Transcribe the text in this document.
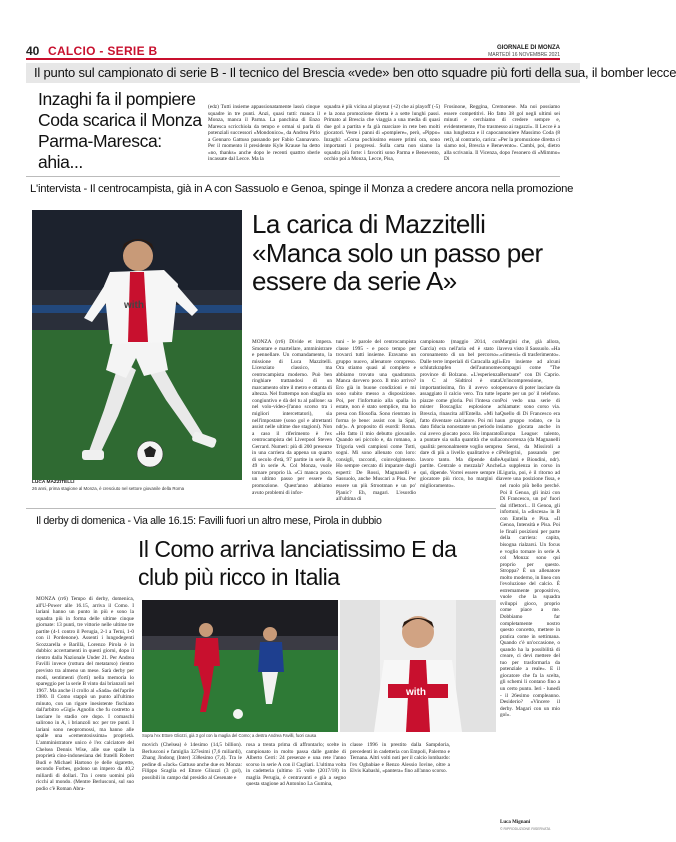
40 CALCIO - SERIE B	GIORNALE DI MONZA
MARTEDÌ 16 NOVEMBRE 2021
Il punto sul campionato di serie B - Il tecnico del Brescia «vede» ben otto squadre più forti della sua, il bomber lecce
Inzaghi fa il pompiere Coda scarica il Monza Parma-Maresca: ahia...
(edz) Tutti insieme appassionatamente lassù cinque squadre in tre punti. Anzi, quasi tutti: manca il Monza, manca il Parma. La panchina di Enzo Maresca scricchiola da tempo e ormai si parla di potenziali successori «Mondonico», da Andrea Pirlo a Gennaro Gattuso passando per Fabio Cannavaro. Per il momento il presidente Kyle Krause ha detto «no, thanks» anche dopo le recenti quattro sberle incassate dal Lecce. Ma la
squadra è più vicina al playout (+2) che ai playoff (-5) e la zona promozione diretta è a sette lunghi passi. Primato al Brescia che viaggia a una media di quasi due gol a partita e fa già marciare in rete ben molti giocatori. Veste i panni di «pompiere», però, «Pippo» Inzaghi: «Corsa pochissimo essere primi ora, sono importanti i progressi. Sulla carta non siamo la squadra più forte: i favoriti sono Parma e Benevento, occhio poi a Monza, Lecce, Pisa,
Frosinone, Reggina, Cremonese. Ma noi possiamo essere competitivi. Ho fatto 38 gol negli ultimi sei minuti e cerchiamo di credere sempre e, evidentemente, l'ho trasmesso ai ragazzi». Il Lecce è a una lunghezza e il capocannoniere Massimo Coda (8 reti), al contrario, carica: «Per la promozione diretta ci siamo noi, Brescia e Benevento». Cambi, poi, dietro alla scrivania. Il Vicenza, dopo l'esonero di «Mimmo» Di
L'intervista - Il centrocampista, già in A con Sassuolo e Genoa, spinge il Monza a credere ancora nella promozione
with
LUCA MAZZITELLI
26 anni, prima stagione al Monza, è cresciuto nel settore giovanile della Roma
La carica di Mazzitelli «Manca solo un passo per essere da serie A»
MONZA (rr6) Divide et impera. Smontare e martellare, amministrare e pennellare. Un comandamento, la missione di Luca Mazzitelli. Licenziato classico, ma centrocampista moderno. Può ben ringhiare trattandosi di un marcamento oltre il metro e ottanta di altezza. Nel frattempo non sbaglia un congiuntivo e dà del tu al pallone: sa nel volo-video-(l'anno scorso tra i migliori intercettatori), sia nell'impostare (sono gol e altrettanti assist nelle ultime due stagioni). Non a caso il riferimento è l'ex centrocampista del Liverpool Steven Gerrard. Numeri: più di 200 presenze in una carriera da appena un quarto di secolo d'età, 97 partite in serie B, 49 in serie A. Col Monza, vuole tornare proprio là. «Ci manca poco, un ultimo passo per essere da promozione. Quest'anno abbiamo avuto problemi di infor-
tuni - le parole del centrocampista classe 1995 - e poco tempo per trovarci tutti insieme. Eravamo un gruppo nuovo, allenatore compreso. Ora stiamo quasi al completo e abbiamo trovato una quadratura. Manca davvero poco. Il mio arrivo? Ero già in buone condizioni e mi sono subito messo a disposizione. Poi, per l'infortunio alla spalla in estate, non è stato semplice, ma ho presa con filosofia. Sono rientrato in forma (e bene: assist con la Spal, ndr)». A proposito di esordi: Roma. «Ho fatto il mio debutto giovanile. Quando sei piccolo e, da romano, a Trigoria vedi campioni come Totti, sogni. Mi sono allenato con loro: consigli, racconti, coinvolgimento. Ho sempre cercato di imparare dagli esperti: De Rossi, Magnanelli e Sassuolo, anche Muscari a Pisa. Per essere un più Strootman e un po' Pjanic? Eh, magari. L'esordio all'ultima di
campionato (maggio 2014, con Garcia) era nell'aria ed è stato il coronamento di un bel percorso». Dalle terre imperiali di Caracalla agli schlutzkrapfen dell'autonome province di Bolzano. «L'esperienza in C al Südtirol è stata importantissima, fin il avevo solo assaggiato il calcio vero. Tra tutte le piazze come gloria. Poi l'intesa con mister Boscaglia: esplosione a Brescia, rinascita all'Entella. «Mi ha fatto diventare calciatore. Poi mi ha dato fiducia nonostante un periodo in cui avevo giocato poco. Ho imparato a puntare sia sulla quantità che sulla qualità: personalmente voglio sempre dare di più a livello qualitativo e ci lavoro tanto. Ma dipende dalle partite. Centrale o mezzala? Anche qui, dipende. Vorrei essere sempre il giocatore più ricco, ho margini di miglioramento».
Margini che, già allora, aveva visto il Sassuolo. «Ha «rimessi» di trasferimento». «Ero insieme ad alcuni compagni come "The Bernaute" con Di Caprio. Un'incomprensione, pensavo di poter lasciare da parte per un po' il telefono. Poi vedo una serie di chiamate: sono corso via. Quello di Di Francesco era un gruppo rodato, ce la siamo giocata anche in Europa League: talento, concorrenza (da Magnanelli a Sensi, da Missiroli a Pellegrini, passando per Aquilani e Biondini, ndr). La supplenza in corso in Liguria, poi, è il ritorno ad avere una posizione fissa, e nel ruolo più bello perché. Poi il Genoa, gli inizi con Di Francesco, un po' fuori dai riflettori... Il Genoa, gli infortuni, la «discesa» in B con Entella e Pisa. «Il Genoa, Intensità e Pisa. Poi le finali posizioni per parte della carriera: capita, bisogna rialzarsi. Un focus e voglio tornare in serie A col Monza: sono qui proprio per questo. Stroppa? È un allenatore molto moderno, in linea con l'evoluzione del calcio. È estremamente propositivo, vuole che la squadra sviluppi gioco, proprio come piace a me. Dobbiamo far completamente nostro questo concetto, mettere in pratica come in settimana. Quando c'è un'occasione, o quando ha la possibilità di creare, ci devi mettere del tuo per trasformarla da potenziale a reale». E il giocatore che fa la scelta, gli schemi li contano fino a un certo punto. Ieri - lunedì - il 26esimo compleanno. Desiderio? «Vincere il derby. Magari con un mio gol».
Il derby di domenica - Via alle 16.15: Favilli fuori un altro mese, Pirola in dubbio
Il Como arriva lanciatissimo E da club più ricco in Italia
MONZA (rr6) Tempo di derby, domenica, all'U-Power alle 16.15, arriva il Como. I lariani hanno un punto in più e sono la squadra più in forma delle ultime cinque giornate: 13 punti, tre vittorie nelle ultime tre partite (4-1 contro il Perugia, 2-1 a Terni, 1-0 con il Pordenone). Assenti i lungodegenti Scozzarella e Barillà, Lorenzo Pirola è in dubbio: accertamenti in questi giorni, dopo il rientro dalla Nazionale Under 21. Per Andrea Favilli invece (rottura del metatarso) rientro previsto tra almeno un mese. Sarà derby per modi, sentimenti (forti) nella memoria lo spareggio per la serie B vinto dai brianzoli nel 1967. Ma anche il crollo al «Sada» dell'aprile 1980. Il Como stappò un punto all'ultimo minuto, con un rigore inesistente fischiato dall'arbitro «Gigi» Agnolin che fu costretto a lasciare lo stadio ore dopo. I comaschi salirono in A, i brianzoli no: per tre punti. I lariani sono neopromossi, ma hanno alle spalle una «cementosissima» proprietà. L'amministratore unico è l'ex calciatore del Chelsea Dennis Wise, alle sue spalle la proprietà cino-indonesiana dei fratelli Robert Budi e Michael Hartono (e delle sigarette, secondo Forbes, godono un impero da 40,2 miliardi di dollari. Tra i cento uomini più ricchi al mondo. (Mentre Berlusconi, sul suo podio c'è Roman Abra-
with
Sopra l'ex Ettore Gliozzi, già 3 gol con la maglia del Como; a destra Andrea Favilli, fuori causa
movich (Chelsea) è 14esimo (14,5 billion). Berlusconi e famiglia 327esimi (7,6 miliardi), Zhang Jindong (Inter) 338esimo (7,4). Tra le pedine di «Jack» Gattuso anche due ex Monza: Filippo Scaglia ed Ettore Gliozzi (3 gol), possibili in campo dal presidio al Cesenate e
rosa a trenta prima di affrontarlo; scelte in campionato in molto passa dalle gambe di Alberto Cerri: 24 presenze e una rete l'anno scorso in serie A con il Cagliari. L'ultima volta in cadetteria (ultimo 15 volte (2017/18) in maglia Perugia, è centravanti e già a segno questa stagione ad Antonino La Gumina,
classe 1996 in prestito dalla Sampdoria, precedenti in cadetteria con Empoli, Palermo e Ternana. Altri volti noti per il calcio lombardo: l'ex Ogbabiae e Renzo Alessio Iovine, oltre a Elvis Kabashi, «pantera» fino all'anno scorso.
Luca Mignani
© RIPRODUZIONE RISERVATA
